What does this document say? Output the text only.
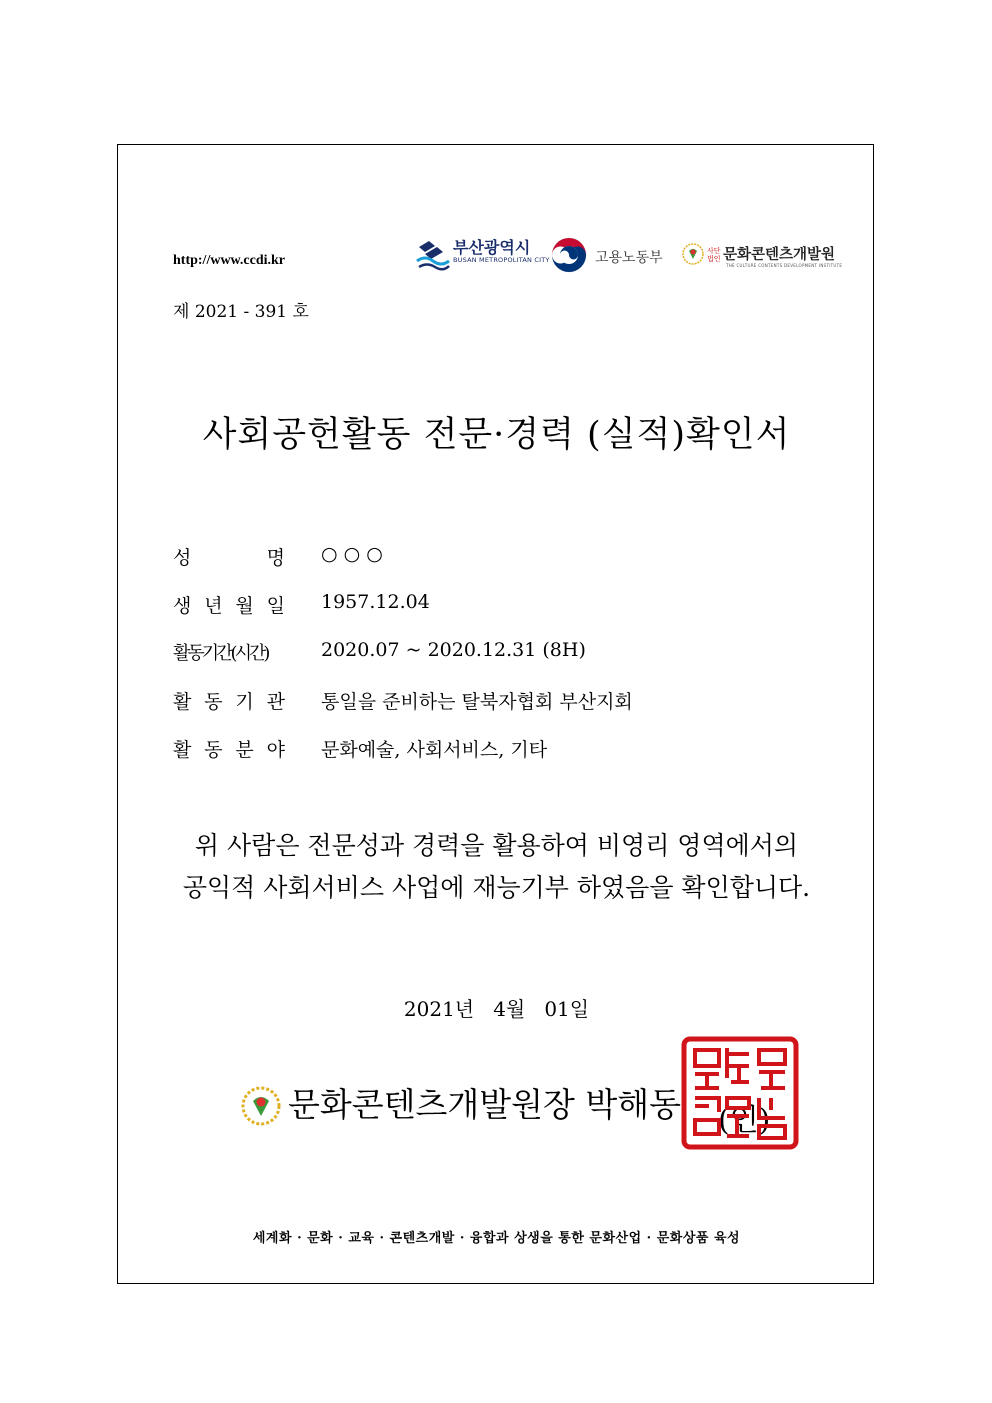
http://www.ccdi.kr
부산광역시
BUSAN METROPOLITAN CITY	고용노동부	사단법인 문화콘텐츠개발원
THE CULTURE CONTENTS DEVELOPMENT INSTITUTE
제 2021 - 391 호
사회공헌활동 전문·경력 (실적)확인서
성	명 ○ ○ ○
생 년 월 일 1957.12.04
활동기간(시간)	2020.07 ~ 2020.12.31 (8H)
활 동 기 관 통일을 준비하는 탈북자협회 부산지회
활 동 분 야 문화예술, 사회서비스, 기타
위 사람은 전문성과 경력을 활용하여 비영리 영역에서의
공익적 사회서비스 사업에 재능기부 하였음을 확인합니다.
2021년   4월   01일
문화콘텐츠개발원장 박해동 (인)
세계화 · 문화 · 교육 · 콘텐츠개발 · 융합과 상생을 통한 문화산업 · 문화상품 육성
